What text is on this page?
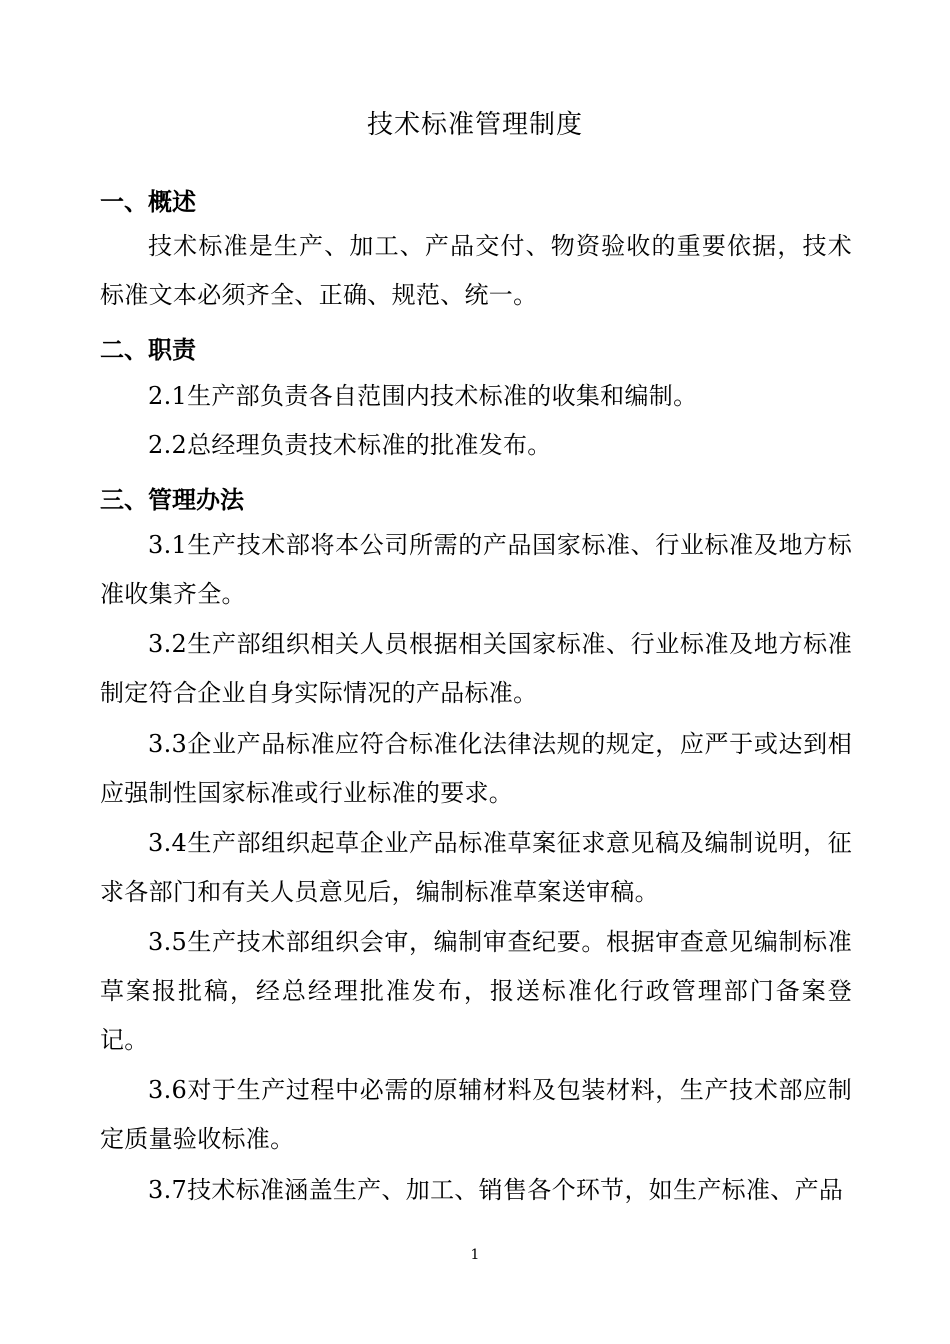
技术标准管理制度
一、概述
技术标准是生产、加工、产品交付、物资验收的重要依据，技术标准文本必须齐全、正确、规范、统一。
二、职责
2.1生产部负责各自范围内技术标准的收集和编制。
2.2总经理负责技术标准的批准发布。
三、管理办法
3.1生产技术部将本公司所需的产品国家标准、行业标准及地方标准收集齐全。
3.2生产部组织相关人员根据相关国家标准、行业标准及地方标准制定符合企业自身实际情况的产品标准。
3.3企业产品标准应符合标准化法律法规的规定，应严于或达到相应强制性国家标准或行业标准的要求。
3.4生产部组织起草企业产品标准草案征求意见稿及编制说明，征求各部门和有关人员意见后，编制标准草案送审稿。
3.5生产技术部组织会审，编制审查纪要。根据审查意见编制标准草案报批稿，经总经理批准发布，报送标准化行政管理部门备案登记。
3.6对于生产过程中必需的原辅材料及包装材料，生产技术部应制定质量验收标准。
3.7技术标准涵盖生产、加工、销售各个环节，如生产标准、产品
1
